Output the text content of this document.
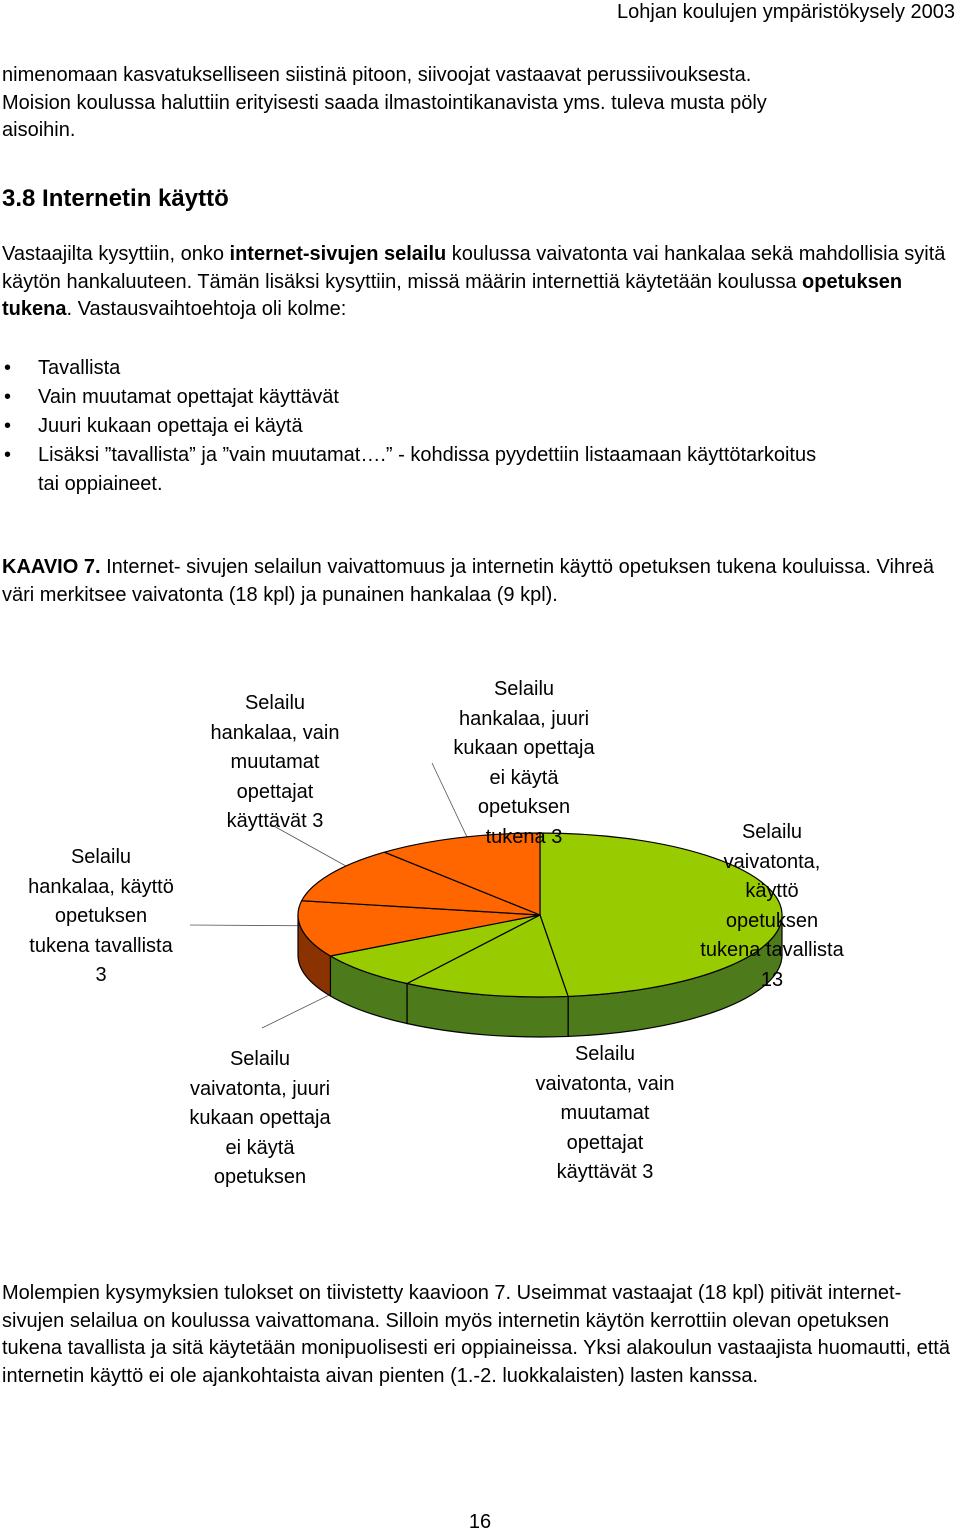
Lohjan koulujen ympäristökysely 2003
nimenomaan kasvatukselliseen siistinä pitoon, siivoojat vastaavat perussiivouksesta.
Moision koulussa haluttiin erityisesti saada ilmastointikanavista yms. tuleva musta pöly
aisoihin.
3.8 Internetin käyttö
Vastaajilta kysyttiin, onko internet-sivujen selailu koulussa vaivatonta vai hankalaa sekä mahdollisia syitä käytön hankaluuteen. Tämän lisäksi kysyttiin, missä määrin internettiä käytetään koulussa opetuksen tukena. Vastausvaihtoehtoja oli kolme:
• Tavallista
• Vain muutamat opettajat käyttävät
• Juuri kukaan opettaja ei käytä
• Lisäksi ”tavallista” ja ”vain muutamat….” - kohdissa pyydettiin listaamaan käyttötarkoitus tai oppiaineet.
KAAVIO 7. Internet- sivujen selailun vaivattomuus ja internetin käyttö opetuksen tukena kouluissa. Vihreä väri merkitsee vaivatonta (18 kpl) ja punainen hankalaa (9 kpl).
Selailu
hankalaa, käyttö
opetuksen
tukena tavallista
3
Selailu
hankalaa, vain
muutamat
opettajat
käyttävät 3
Selailu
hankalaa, juuri
kukaan opettaja
ei käytä
opetuksen
tukena 3	Selailu
vaivatonta,
käyttö
opetuksen
tukena tavallista
13
Selailu
vaivatonta, juuri
kukaan opettaja
ei käytä
opetuksen
Selailu
vaivatonta, vain
muutamat
opettajat
käyttävät 3
Molempien kysymyksien tulokset on tiivistetty kaavioon 7. Useimmat vastaajat (18 kpl) pitivät internet-sivujen selailua on koulussa vaivattomana. Silloin myös internetin käytön kerrottiin olevan opetuksen tukena tavallista ja sitä käytetään monipuolisesti eri oppiaineissa. Yksi alakoulun vastaajista huomautti, että internetin käyttö ei ole ajankohtaista aivan pienten (1.-2. luokkalaisten) lasten kanssa.
16
